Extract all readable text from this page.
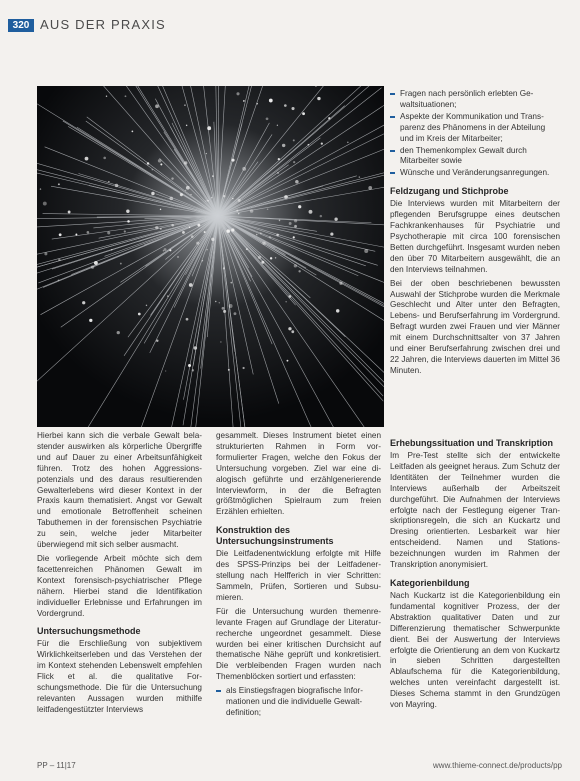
320 AUS DER PRAXIS

Hierbei kann sich die verbale Gewalt belastender auswirken als körperliche Übergriffe und auf Dauer zu einer Arbeitsunfähigkeit führen. Trotz des hohen Aggressionspotenzials und des daraus resultierenden Gewalterlebens wird dieser Kontext in der Praxis kaum thematisiert. Angst vor Gewalt und emotionale Betroffenheit scheinen Tabuthemen in der forensischen Psychiatrie zu sein, welche jeder Mitarbeiter überwiegend mit sich selber ausmacht.

Die vorliegende Arbeit möchte sich dem facettenreichen Phänomen Gewalt im Kontext forensisch-psychiatrischer Pflege nähern. Hierbei stand die Identifikation individueller Erlebnisse und Erfahrungen im Vordergrund.

Untersuchungsmethode

Für die Erschließung von subjektivem Wirklichkeitserleben und das Verstehen der im Kontext stehenden Lebenswelt empfehlen Flick et al. die qualitative Forschungsmethode. Die für die Untersuchung relevanten Aussagen wurden mithilfe leitfadengestützter Interviews

gesammelt. Dieses Instrument bietet einen strukturierten Rahmen in Form vorformulierter Fragen, welche den Fokus der Untersuchung vorgeben. Ziel war eine dialogisch geführte und erzählgenerierende Interviewform, in der die Befragten größtmöglichen Spielraum zum freien Erzählen erhielten.

Konstruktion des Untersuchungsinstruments

Die Leitfadenentwicklung erfolgte mit Hilfe des SPSS-Prinzips bei der Leitfadenerstellung nach Helfferich in vier Schritten: Sammeln, Prüfen, Sortieren und Subsumieren.

Für die Untersuchung wurden themenrelevante Fragen auf Grundlage der Literaturrecherche ungeordnet gesammelt. Diese wurden bei einer kritischen Durchsicht auf thematische Nähe geprüft und konkretisiert. Die verbleibenden Fragen wurden nach Themenblöcken sortiert und erfassten:

als Einstiegsfragen biografische Informationen und die individuelle Gewaltdefinition;
Fragen nach persönlich erlebten Gewaltsituationen;
Aspekte der Kommunikation und Transparenz des Phänomens in der Abteilung und im Kreis der Mitarbeiter;
den Themenkomplex Gewalt durch Mitarbeiter sowie
Wünsche und Veränderungsanregungen.
Feldzugang und Stichprobe

Die Interviews wurden mit Mitarbeitern der pflegenden Berufsgruppe eines deutschen Fachkrankenhauses für Psychiatrie und Psychotherapie mit circa 100 forensischen Betten durchgeführt. Insgesamt wurden neben den über 70 Mitarbeitern ausgewählt, die an den Interviews teilnahmen.

Bei der oben beschriebenen bewussten Auswahl der Stichprobe wurden die Merkmale Geschlecht und Alter unter den Befragten, Lebens- und Berufserfahrung im Vordergrund. Befragt wurden zwei Frauen und vier Männer mit einem Durchschnittsalter von 37 Jahren und einer Berufserfahrung zwischen drei und 22 Jahren, die Interviews dauerten im Mittel 36 Minuten.

Erhebungssituation und Transkription

Im Pre-Test stellte sich der entwickelte Leitfaden als geeignet heraus. Zum Schutz der Identitäten der Teilnehmer wurden die Interviews außerhalb der Arbeitszeit durchgeführt. Die Aufnahmen der Interviews erfolgte nach der Festlegung eigener Transkriptionsregeln, die sich an Kuckartz und Dresing orientierten. Lesbarkeit war hier entscheidend. Namen und Stationsbezeichnungen wurden im Rahmen der Transkription anonymisiert.

Kategorienbildung

Nach Kuckartz ist die Kategorienbildung ein fundamental kognitiver Prozess, der der Abstraktion qualitativer Daten und zur Differenzierung thematischer Schwerpunkte dient. Bei der Auswertung der Interviews erfolgte die Orientierung an dem von Kuckartz in sieben Schritten dargestellten Ablaufschema für die Kategorienbildung, welches unten vereinfacht dargestellt ist. Dieses Schema stammt in den Grundzügen von Mayring.

PP – 11|17	www.thieme-connect.de/products/pp
